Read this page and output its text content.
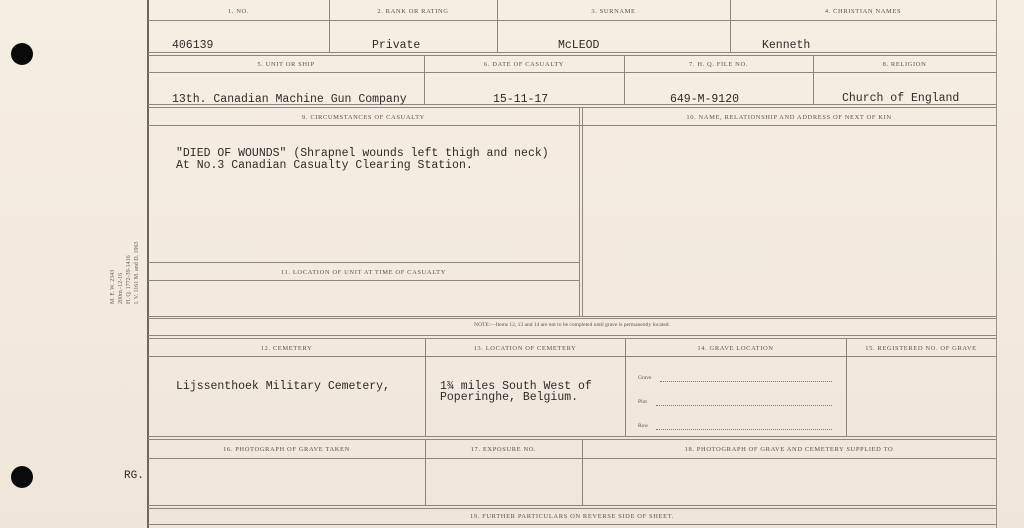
M. F. W. 2343 200m.-12-16 H. Q. 1772-39-1416 I. V. 1161 M. and D. 1963
RG.
1. NO.	2. RANK OR RATING	3. SURNAME	4. CHRISTIAN NAMES
406139	Private	McLEOD	Kenneth
5. UNIT OR SHIP	6. DATE OF CASUALTY	7. H. Q. FILE NO.	8. RELIGION
13th. Canadian Machine Gun Company	15-11-17	649-M-9120	Church of England
9. CIRCUMSTANCES OF CASUALTY	10. NAME, RELATIONSHIP AND ADDRESS OF NEXT OF KIN
"DIED OF WOUNDS" (Shrapnel wounds left thigh and neck)
At No.3 Canadian Casualty Clearing Station.
11. LOCATION OF UNIT AT TIME OF CASUALTY
NOTE:—Items 12, 13 and 14 are not to be completed until grave is permanently located.
12. CEMETERY	13. LOCATION OF CEMETERY	14. GRAVE LOCATION	15. REGISTERED NO. OF GRAVE
Lijssenthoek Military Cemetery,	1¾ miles South West of
Poperinghe, Belgium.
Grave
Plot
Row
16. PHOTOGRAPH OF GRAVE TAKEN	17. EXPOSURE NO.	18. PHOTOGRAPH OF GRAVE AND CEMETERY SUPPLIED TO
19. FURTHER PARTICULARS ON REVERSE SIDE OF SHEET.
